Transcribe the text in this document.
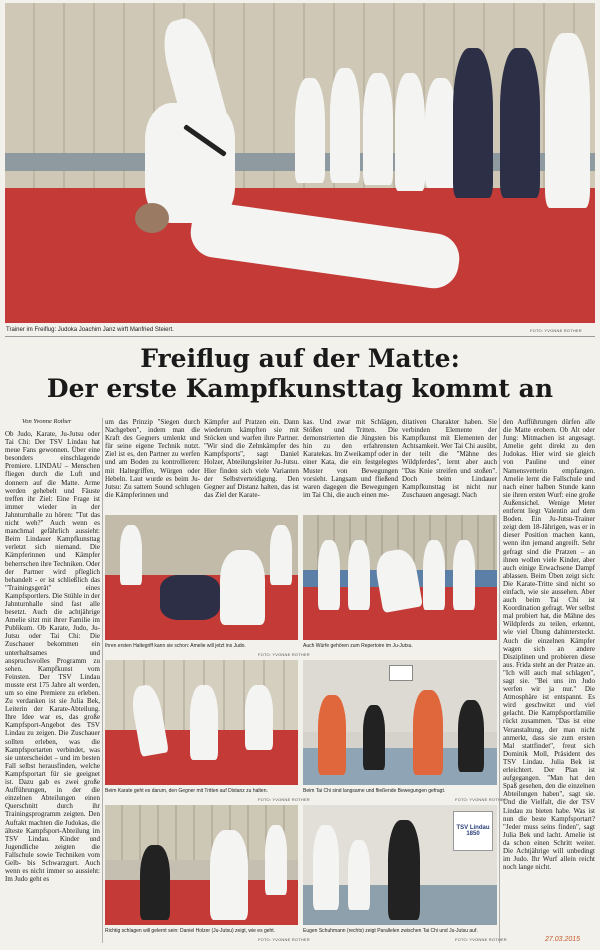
Trainer im Freiflug: Judoka Joachim Janz wirft Manfried Steiert.	FOTO: YVONNE ROTHER
Freiflug auf der Matte:
Der erste Kampfkunsttag kommt an
Von Yvonne Rother

Ob Judo, Karate, Ju-Jutsu oder Tai Chi: Der TSV Lindau hat meue Fans gewonnen. Über eine besonders einschlagende Premiere. LINDAU – Menschen fliegen durch die Luft und donnern auf die Matte. Arme werden gehebelt und Fäuste treffen ihr Ziel: Eine Frage ist immer wieder in der Jahnturnhalle zu hören: "Tut das nicht weh?" Auch wenn es manchmal gefährlich aussieht: Beim Lindauer Kampfkunsttag verletzt sich niemand. Die Kämpferinnen und Kämpfer beherrschen ihre Techniken. Oder der Partner wird pfleglich behandelt - er ist schließlich das "Trainingsgerät" eines Kampfsportlers. Die Stühle in der Jahnturnhalle sind fast alle besetzt. Auch die achtjährige Amelie sitzt mit ihrer Familie im Publikum. Ob Karate, Judo, Ju-Jutsu oder Tai Chi: Die Zuschauer bekommen ein unterhaltsames und anspruchsvolles Programm zu sehen. Kampfkunst vom Feinsten. Der TSV Lindau musste erst 175 Jahre alt werden, um so eine Premiere zu erleben. Zu verdanken ist sie Julia Bek, Leiterin der Karate-Abteilung. Ihre Idee war es, das große Kampfsport-Angebot des TSV Lindau zu zeigen. Die Zuschauer sollten erleben, was die Kampfsportarten verbindet, was sie unterscheidet – und im besten Fall selbst herausfinden, welche Kampfsportart für sie geeignet ist. Dazu gab es zwei große Aufführungen, in der die einzelnen Abteilungen einen Querschnitt durch ihr Trainingsprogramm zeigten. Den Auftakt machten die Judokas, die älteste Kampfsport-Abteilung im TSV Lindau. Kinder und Jugendliche zeigten die Fallschule sowie Techniken vom Gelb- bis Schwarzgurt. Auch wenn es nicht immer so aussieht: Im Judo geht es

um das Prinzip "Siegen durch Nachgeben", indem man die Kraft des Gegners umlenkt und für seine eigene Technik nutzt. Ziel ist es, den Partner zu werfen und am Boden zu kontrollieren: mit Haltegriffen, Würgen oder Hebeln. Laut wurde es beim Ju-Jutsu: Zu sattem Sound schlugen die Kämpferinnen und

Kämpfer auf Pratzen ein. Dann wiederum kämpften sie mit Stöcken und warfen ihre Partner. "Wir sind die Zehnkämpfer des Kampfsports", sagt Daniel Holzer, Abteilungsleiter Ju-Jutsu. Hier finden sich viele Varianten der Selbstverteidigung. Den Gegner auf Distanz halten, das ist das Ziel der Karate-

kas. Und zwar mit Schlägen, Stößen und Tritten. Die demonstrierten die Jüngsten bis hin zu den erfahrensten Karatekas. Im Zweikampf oder in einer Kata, die ein festgelegtes Muster von Bewegungen vorsieht. Langsam und fließend waren dagegen die Bewegungen im Tai Chi, die auch einen me-

ditativen Charakter haben. Sie verbinden Elemente der Kampfkunst mit Elementen der Achtsamkeit. Wer Tai Chi ausübt, der teilt die "Mähne des Wildpferdes", lernt aber auch "Das Knie streifen und stoßen". Doch beim Lindauer Kampfkunsttag ist nicht nur Zuschauen angesagt. Nach

den Aufführungen dürfen alle die Matte erobern. Ob Alt oder Jung: Mitmachen ist angesagt. Amelie geht direkt zu den Judokas. Hier wird sie gleich von Pauline und einer Namensvetterin empfangen. Amelie lernt die Fallschule und nach einer halben Stunde kann sie ihren ersten Wurf: eine große Außensichel. Wenige Meter entfernt liegt Valentin auf dem Boden. Ein Ju-Jutsu-Trainer zeigt dem 18-Jährigen, was er in dieser Position machen kann, wenn ihn jemand angreift. Sehr gefragt sind die Pratzen – an ihnen wollen viele Kinder, aber auch einige Erwachsene Dampf ablassen. Beim Üben zeigt sich: Die Karate-Tritte sind nicht so einfach, wie sie aussehen. Aber auch beim Tai Chi ist Koordination gefragt. Wer selbst mal probiert hat, die Mähne des Wildpferds zu teilen, erkennt, wie viel Übung dahintersteckt. Auch die einzelnen Kämpfer wagen sich an andere Disziplinen und probieren diese aus. Frida steht an der Pratze an. "Ich will auch mal schlagen", sagt sie. "Bei uns im Judo werfen wir ja nur." Die Atmosphäre ist entspannt. Es wird geschwitzt und viel gelacht. Die Kampfsportfamilie rückt zusammen. "Das ist eine Veranstaltung, der man nicht anmerkt, dass sie zum ersten Mal stattfindet", freut sich Dominik Moll, Präsident des TSV Lindau. Julia Bek ist erleichtert. Der Plan ist aufgegangen. "Man hat den Spaß gesehen, den die einzelnen Abteilungen haben", sagt sie. Und die Vielfalt, die der TSV Lindau zu bieten habe. Was ist nun die beste Kampfsportart? "Jeder muss seins finden", sagt Julia Bek und lacht. Amelie ist da schon einen Schritt weiter. Die Achtjährige will unbedingt im Judo. Ihr Wurf allein reicht noch lange nicht.

Ihren ersten Haltegriff kann sie schon: Amelie will jetzt ins Judo.
FOTO: YVONNE ROTHER
Auch Würfe gehören zum Repertoire im Ju-Jutsu.
Beim Karate geht es darum, den Gegner mit Tritten auf Distanz zu halten.
FOTO: YVONNE ROTHER
Beim Tai Chi sind langsame und fließende Bewegungen gefragt.
FOTO: YVONNE ROTHER
Richtig schlagen will gelernt sein: Daniel Holzer (Ju-Jutsu) zeigt, wie es geht.
FOTO: YVONNE ROTHER
TSV Lindau 1850
Eugen Schuhmann (rechts) zeigt Parallelen zwischen Tai Chi und Ju-Jutsu auf.
FOTO: YVONNE ROTHER	27.03.2015
